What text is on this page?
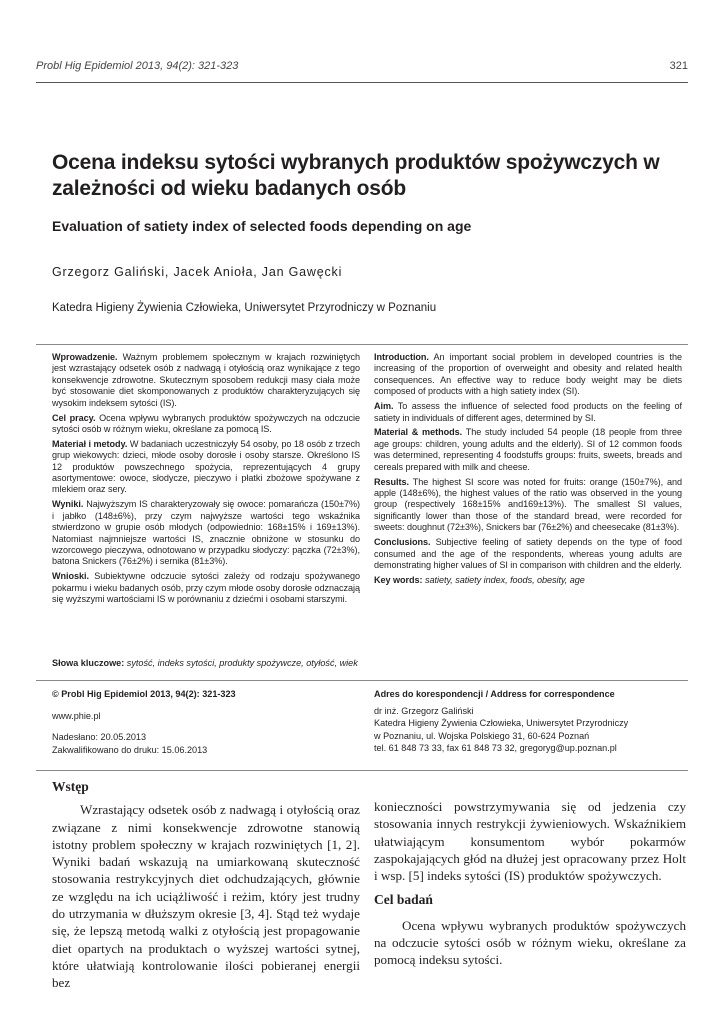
Probl Hig Epidemiol 2013, 94(2): 321-323	321
Ocena indeksu sytości wybranych produktów spożywczych w zależności od wieku badanych osób
Evaluation of satiety index of selected foods depending on age
Grzegorz Galiński, Jacek Anioła, Jan Gawęcki
Katedra Higieny Żywienia Człowieka, Uniwersytet Przyrodniczy w Poznaniu

Wprowadzenie. Ważnym problemem społecznym w krajach rozwiniętych jest wzrastający odsetek osób z nadwagą i otyłością oraz wynikające z tego konsekwencje zdrowotne. Skutecznym sposobem redukcji masy ciała może być stosowanie diet skomponowanych z produktów charakteryzujących się wysokim indeksem sytości (IS).

Cel pracy. Ocena wpływu wybranych produktów spożywczych na odczucie sytości osób w różnym wieku, określane za pomocą IS.

Materiał i metody. W badaniach uczestniczyły 54 osoby, po 18 osób z trzech grup wiekowych: dzieci, młode osoby dorosłe i osoby starsze. Określono IS 12 produktów powszechnego spożycia, reprezentujących 4 grupy asortymentowe: owoce, słodycze, pieczywo i płatki zbożowe spożywane z mlekiem oraz sery.

Wyniki. Najwyższym IS charakteryzowały się owoce: pomarańcza (150±7%) i jabłko (148±6%), przy czym najwyższe wartości tego wskaźnika stwierdzono w grupie osób młodych (odpowiednio: 168±15% i 169±13%). Natomiast najmniejsze wartości IS, znacznie obniżone w stosunku do wzorcowego pieczywa, odnotowano w przypadku słodyczy: pączka (72±3%), batona Snickers (76±2%) i sernika (81±3%).

Wnioski. Subiektywne odczucie sytości zależy od rodzaju spożywanego pokarmu i wieku badanych osób, przy czym młode osoby dorosłe odznaczają się wyższymi wartościami IS w porównaniu z dziećmi i osobami starszymi.

Słowa kluczowe: sytość, indeks sytości, produkty spożywcze, otyłość, wiek

Introduction. An important social problem in developed countries is the increasing of the proportion of overweight and obesity and related health consequences. An effective way to reduce body weight may be diets composed of products with a high satiety index (SI).

Aim. To assess the influence of selected food products on the feeling of satiety in individuals of different ages, determined by SI.

Material & methods. The study included 54 people (18 people from three age groups: children, young adults and the elderly). SI of 12 common foods was determined, representing 4 foodstuffs groups: fruits, sweets, breads and cereals prepared with milk and cheese.

Results. The highest SI score was noted for fruits: orange (150±7%), and apple (148±6%), the highest values of the ratio was observed in the young group (respectively 168±15% and169±13%). The smallest SI values, significantly lower than those of the standard bread, were recorded for sweets: doughnut (72±3%), Snickers bar (76±2%) and cheesecake (81±3%).

Conclusions. Subjective feeling of satiety depends on the type of food consumed and the age of the respondents, whereas young adults are demonstrating higher values of SI in comparison with children and the elderly.

Key words: satiety, satiety index, foods, obesity, age

© Probl Hig Epidemiol 2013, 94(2): 321-323
www.phie.pl
Nadesłano: 20.05.2013
Zakwalifikowano do druku: 15.06.2013
Adres do korespondencji / Address for correspondence
dr inż. Grzegorz Galiński
Katedra Higieny Żywienia Człowieka, Uniwersytet Przyrodniczy
w Poznaniu, ul. Wojska Polskiego 31, 60-624 Poznań
tel. 61 848 73 33, fax 61 848 73 32, gregoryg@up.poznan.pl
Wstęp

Wzrastający odsetek osób z nadwagą i otyłością oraz związane z nimi konsekwencje zdrowotne stanowią istotny problem społeczny w krajach rozwiniętych [1, 2]. Wyniki badań wskazują na umiarkowaną skuteczność stosowania restrykcyjnych diet odchudzających, głównie ze względu na ich uciążliwość i reżim, który jest trudny do utrzymania w dłuższym okresie [3, 4]. Stąd też wydaje się, że lepszą metodą walki z otyłością jest propagowanie diet opartych na produktach o wyższej wartości sytnej, które ułatwiają kontrolowanie ilości pobieranej energii bez

konieczności powstrzymywania się od jedzenia czy stosowania innych restrykcji żywieniowych. Wskaźnikiem ułatwiającym konsumentom wybór pokarmów zaspokajających głód na dłużej jest opracowany przez Holt i wsp. [5] indeks sytości (IS) produktów spożywczych.

Cel badań

Ocena wpływu wybranych produktów spożywczych na odczucie sytości osób w różnym wieku, określane za pomocą indeksu sytości.
